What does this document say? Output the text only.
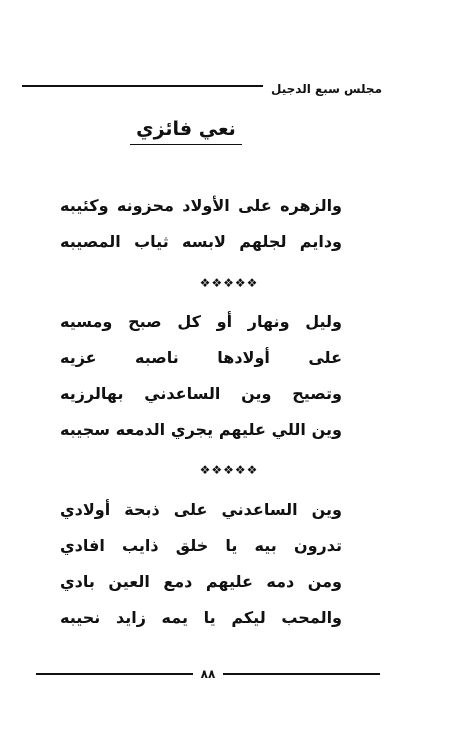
مجلس سبع الدجيل
نعي فائزي
والزهره على الأولاد محزونه وكئيبه
ودايم لجلهم لابسه ثياب المصيبه
❖❖❖❖❖
وليل ونهار أو كل صبح ومسيه
على أولادها ناصبه عزيه
وتصيح وين الساعدني بهالرزيه
وين اللي عليهم يجري الدمعه سجيبه
❖❖❖❖❖
وين الساعدني على ذبحة أولادي
تدرون بيه يا خلق ذايب افادي
ومن دمه عليهم دمع العين بادي
والمحب ليكم يا يمه زايد نحيبه
٨٨
